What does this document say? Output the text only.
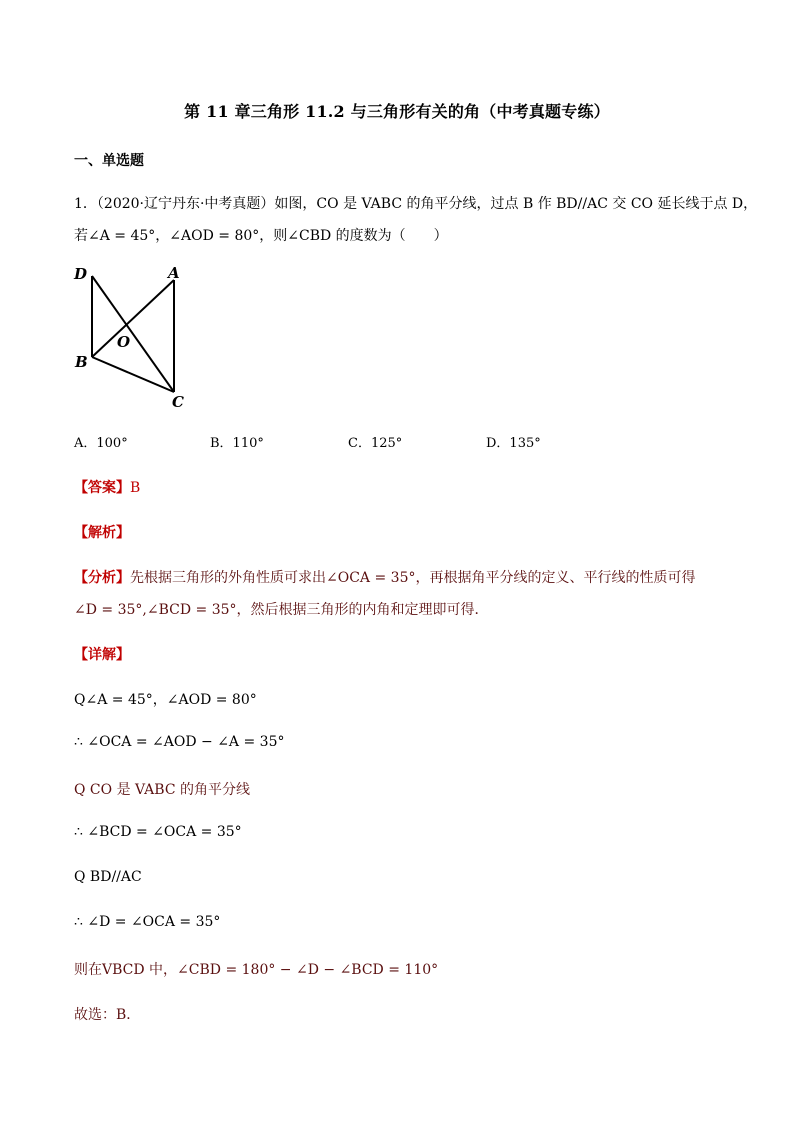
第 11 章三角形 11.2 与三角形有关的角（中考真题专练）
一、单选题
1．（2020·辽宁丹东·中考真题）如图，CO 是 VABC 的角平分线，过点 B 作 BD//AC 交 CO 延长线于点 D，
若∠A = 45°，∠AOD = 80°，则∠CBD 的度数为（　　）
D	A
O
B
C
A．100°	B．110°	C．125°	D．135°
【答案】B
【解析】
【分析】先根据三角形的外角性质可求出∠OCA = 35°，再根据角平分线的定义、平行线的性质可得
∠D = 35°,∠BCD = 35°，然后根据三角形的内角和定理即可得．
【详解】
Q∠A = 45°，∠AOD = 80°
∴ ∠OCA = ∠AOD − ∠A = 35°
Q CO 是 VABC 的角平分线
∴ ∠BCD = ∠OCA = 35°
Q BD//AC
∴ ∠D = ∠OCA = 35°
则在VBCD 中，∠CBD = 180° − ∠D − ∠BCD = 110°
故选：B．
